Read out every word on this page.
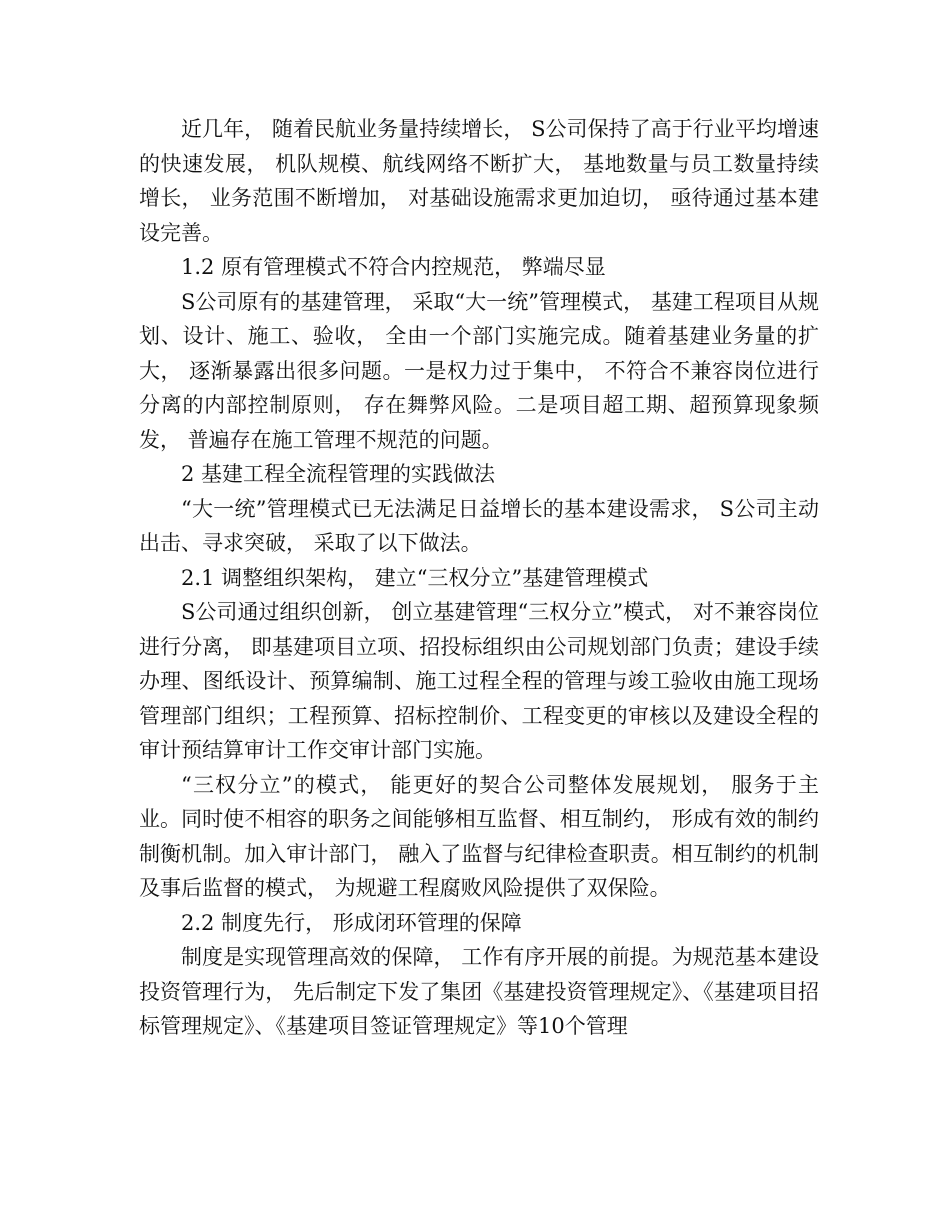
近几年， 随着民航业务量持续增长， S公司保持了高于行业平均增速的快速发展， 机队规模、航线网络不断扩大， 基地数量与员工数量持续增长， 业务范围不断增加， 对基础设施需求更加迫切， 亟待通过基本建设完善。

1.2 原有管理模式不符合内控规范， 弊端尽显

S公司原有的基建管理， 采取“大一统”管理模式， 基建工程项目从规划、设计、施工、验收， 全由一个部门实施完成。随着基建业务量的扩大， 逐渐暴露出很多问题。一是权力过于集中， 不符合不兼容岗位进行分离的内部控制原则， 存在舞弊风险。二是项目超工期、超预算现象频发， 普遍存在施工管理不规范的问题。

2 基建工程全流程管理的实践做法

“大一统”管理模式已无法满足日益增长的基本建设需求， S公司主动出击、寻求突破， 采取了以下做法。

2.1 调整组织架构， 建立“三权分立”基建管理模式

S公司通过组织创新， 创立基建管理“三权分立”模式， 对不兼容岗位进行分离， 即基建项目立项、招投标组织由公司规划部门负责；建设手续办理、图纸设计、预算编制、施工过程全程的管理与竣工验收由施工现场管理部门组织；工程预算、招标控制价、工程变更的审核以及建设全程的审计预结算审计工作交审计部门实施。

“三权分立”的模式， 能更好的契合公司整体发展规划， 服务于主业。同时使不相容的职务之间能够相互监督、相互制约， 形成有效的制约制衡机制。加入审计部门， 融入了监督与纪律检查职责。相互制约的机制及事后监督的模式， 为规避工程腐败风险提供了双保险。

2.2 制度先行， 形成闭环管理的保障

制度是实现管理高效的保障， 工作有序开展的前提。为规范基本建设投资管理行为， 先后制定下发了集团《基建投资管理规定》、《基建项目招标管理规定》、《基建项目签证管理规定》等10个管理
